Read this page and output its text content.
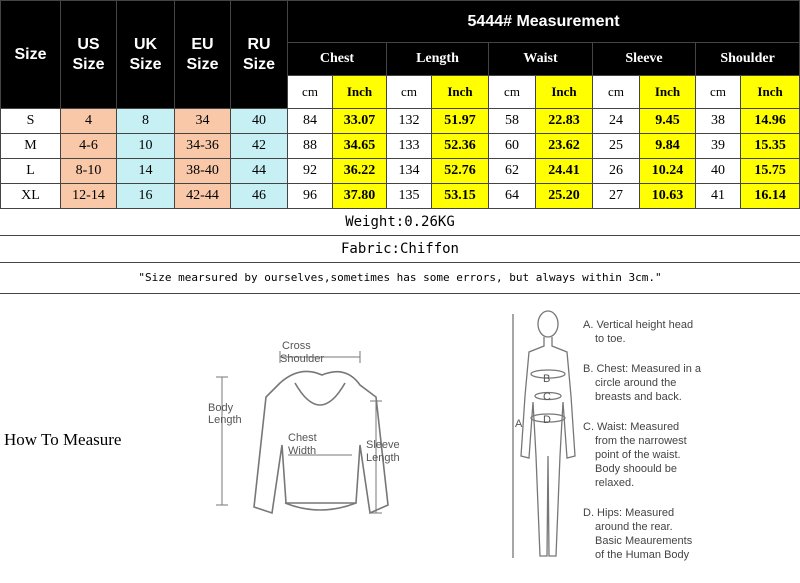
Size	US Size	UK Size	EU Size	RU Size	5444# Measurement									
					Chest		Length		Waist		Sleeve		Shoulder	
					cm	Inch	cm	Inch	cm	Inch	cm	Inch	cm	Inch
S	4	8	34	40	84	33.07	132	51.97	58	22.83	24	9.45	38	14.96
M	4-6	10	34-36	42	88	34.65	133	52.36	60	23.62	25	9.84	39	15.35
L	8-10	14	38-40	44	92	36.22	134	52.76	62	24.41	26	10.24	40	15.75
XL	12-14	16	42-44	46	96	37.80	135	53.15	64	25.20	27	10.63	41	16.14
Weight:0.26KG
Fabric:Chiffon
"Size mearsured by ourselves,sometimes has some errors, but always within 3cm."
How To Measure
Cross
Shoulder
Body
Length
Chest
Width	Sleeve
Length
A
B
C
D
A. Vertical height head
to toe.
B. Chest: Measured in a
circle around the
breasts and back.
C. Waist: Measured
from the narrowest
point of the waist.
Body shoould be
relaxed.
D. Hips: Measured
around the rear.
Basic Meaurements
of the Human Body
